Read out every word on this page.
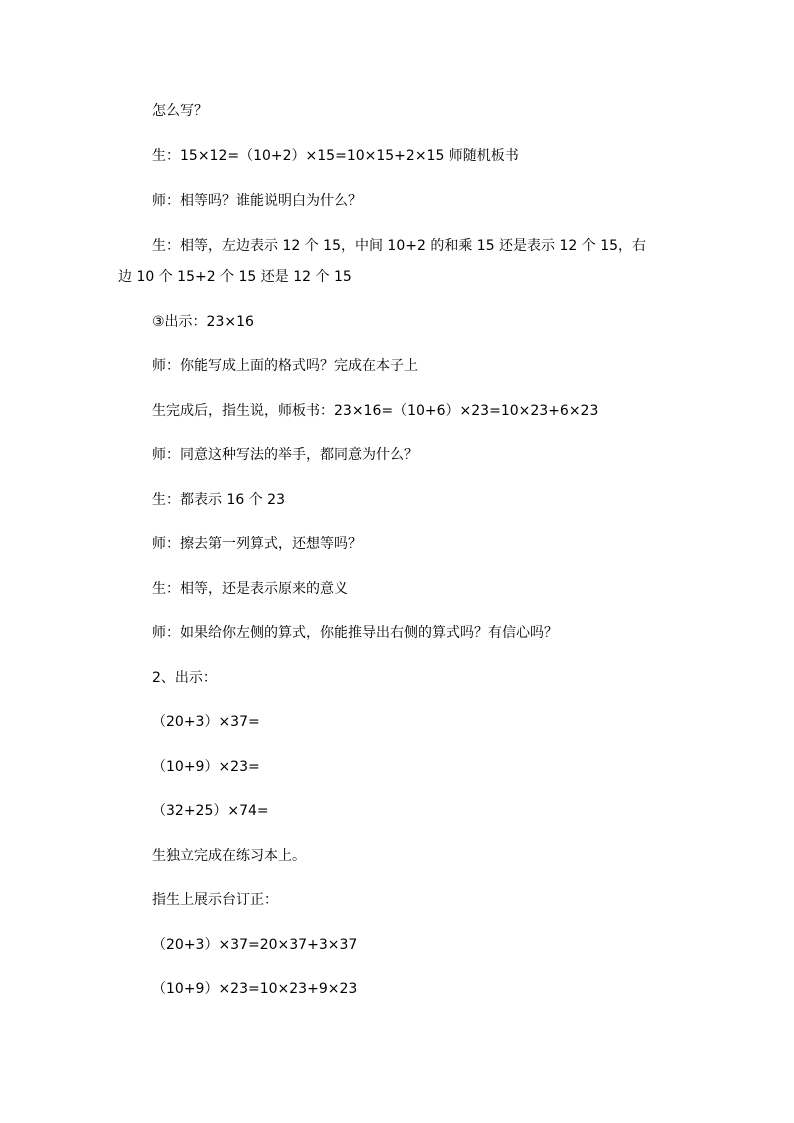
怎么写？
生：15×12=（10+2）×15=10×15+2×15 师随机板书
师：相等吗？谁能说明白为什么？
生：相等，左边表示 12 个 15，中间 10+2 的和乘 15 还是表示 12 个 15，右
边 10 个 15+2 个 15 还是 12 个 15
③出示：23×16
师：你能写成上面的格式吗？完成在本子上
生完成后，指生说，师板书：23×16=（10+6）×23=10×23+6×23
师：同意这种写法的举手，都同意为什么？
生：都表示 16 个 23
师：擦去第一列算式，还想等吗？
生：相等，还是表示原来的意义
师：如果给你左侧的算式，你能推导出右侧的算式吗？有信心吗？
2、出示：
（20+3）×37=
（10+9）×23=
（32+25）×74=
生独立完成在练习本上。
指生上展示台订正：
（20+3）×37=20×37+3×37
（10+9）×23=10×23+9×23
